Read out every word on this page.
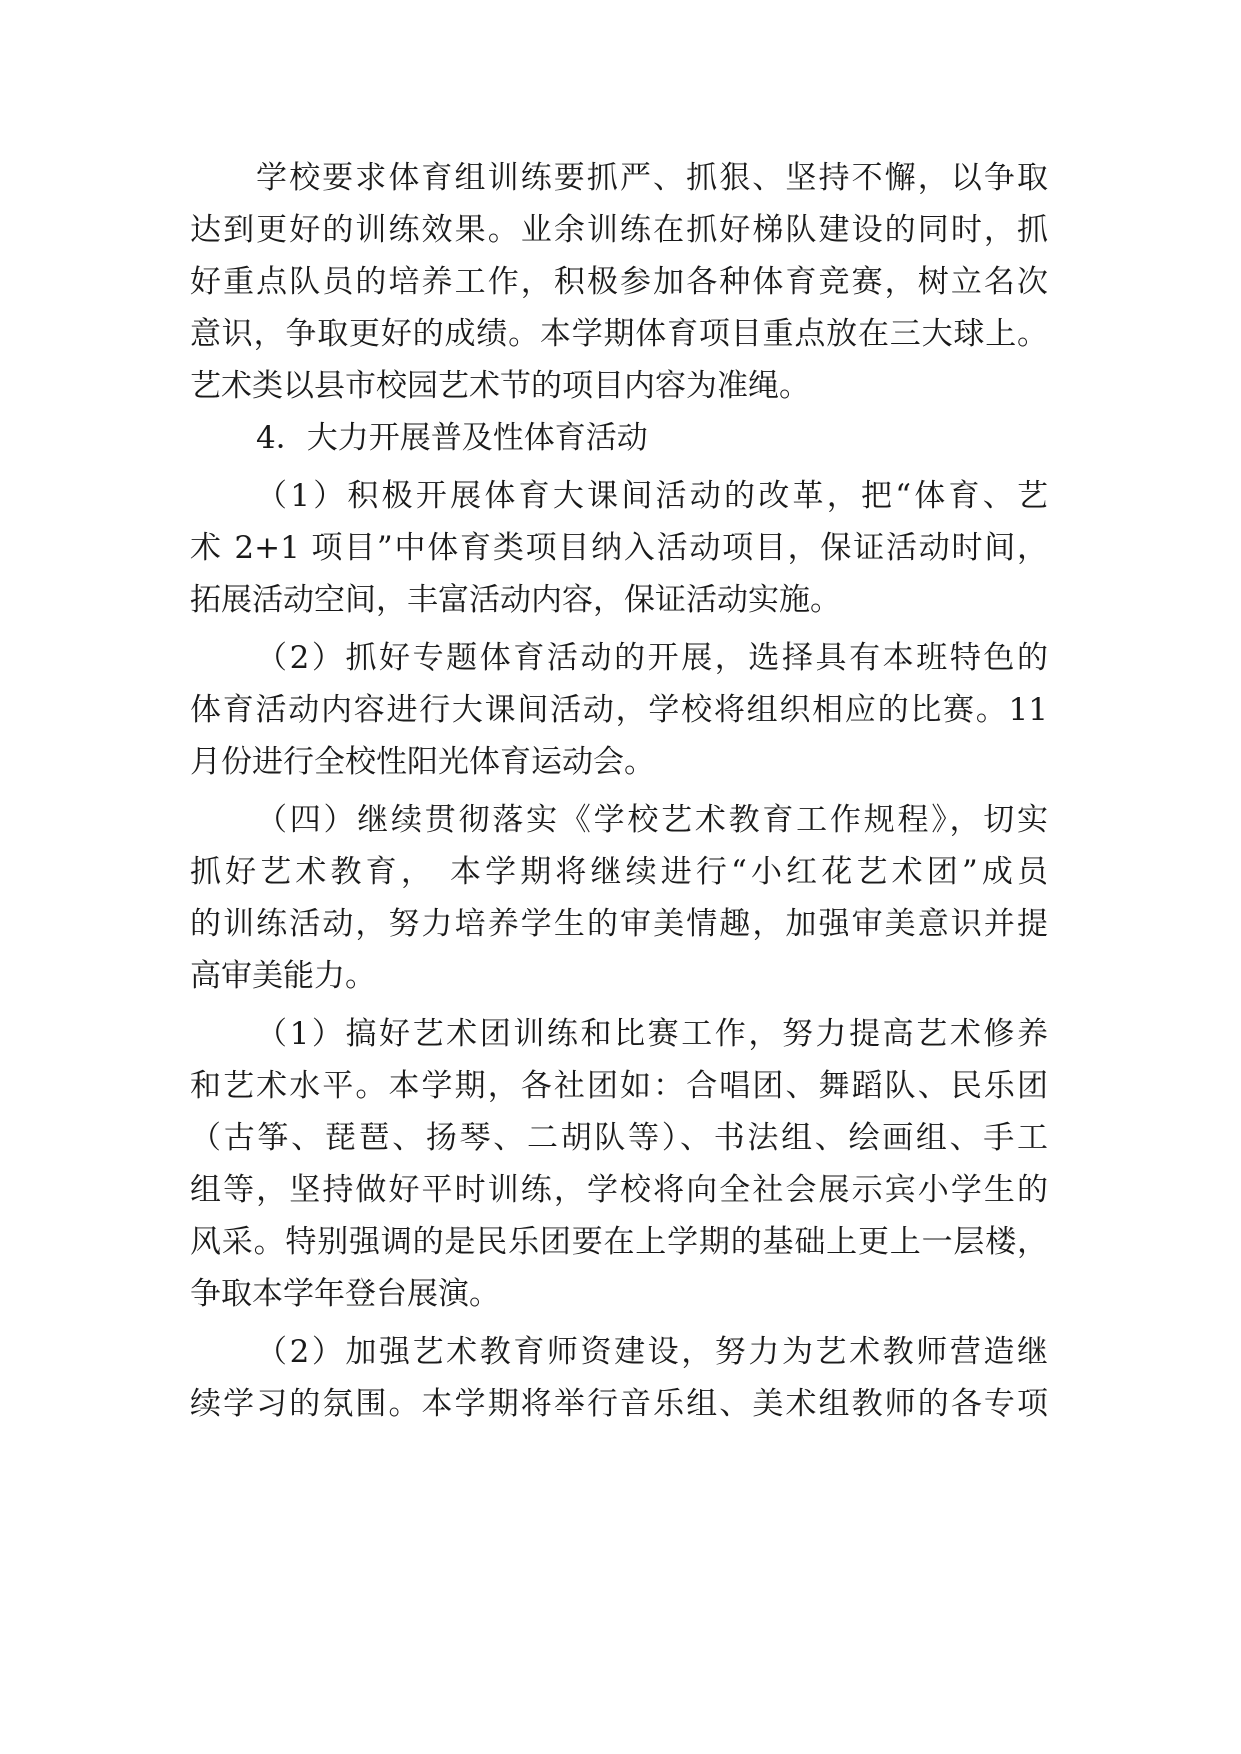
学校要求体育组训练要抓严、抓狠、坚持不懈，以争取
达到更好的训练效果。业余训练在抓好梯队建设的同时，抓
好重点队员的培养工作，积极参加各种体育竞赛，树立名次
意识，争取更好的成绩。本学期体育项目重点放在三大球上。
艺术类以县市校园艺术节的项目内容为准绳。
4．大力开展普及性体育活动
（1）积极开展体育大课间活动的改革，把“体育、艺
术 2+1 项目”中体育类项目纳入活动项目，保证活动时间，
拓展活动空间，丰富活动内容，保证活动实施。
（2）抓好专题体育活动的开展，选择具有本班特色的
体育活动内容进行大课间活动，学校将组织相应的比赛。11
月份进行全校性阳光体育运动会。
（四）继续贯彻落实《学校艺术教育工作规程》，切实
抓好艺术教育， 本学期将继续进行“小红花艺术团”成员
的训练活动，努力培养学生的审美情趣，加强审美意识并提
高审美能力。
（1）搞好艺术团训练和比赛工作，努力提高艺术修养
和艺术水平。本学期，各社团如：合唱团、舞蹈队、民乐团
（古筝、琵琶、扬琴、二胡队等）、书法组、绘画组、手工
组等，坚持做好平时训练，学校将向全社会展示宾小学生的
风采。特别强调的是民乐团要在上学期的基础上更上一层楼，
争取本学年登台展演。
（2）加强艺术教育师资建设，努力为艺术教师营造继
续学习的氛围。本学期将举行音乐组、美术组教师的各专项
